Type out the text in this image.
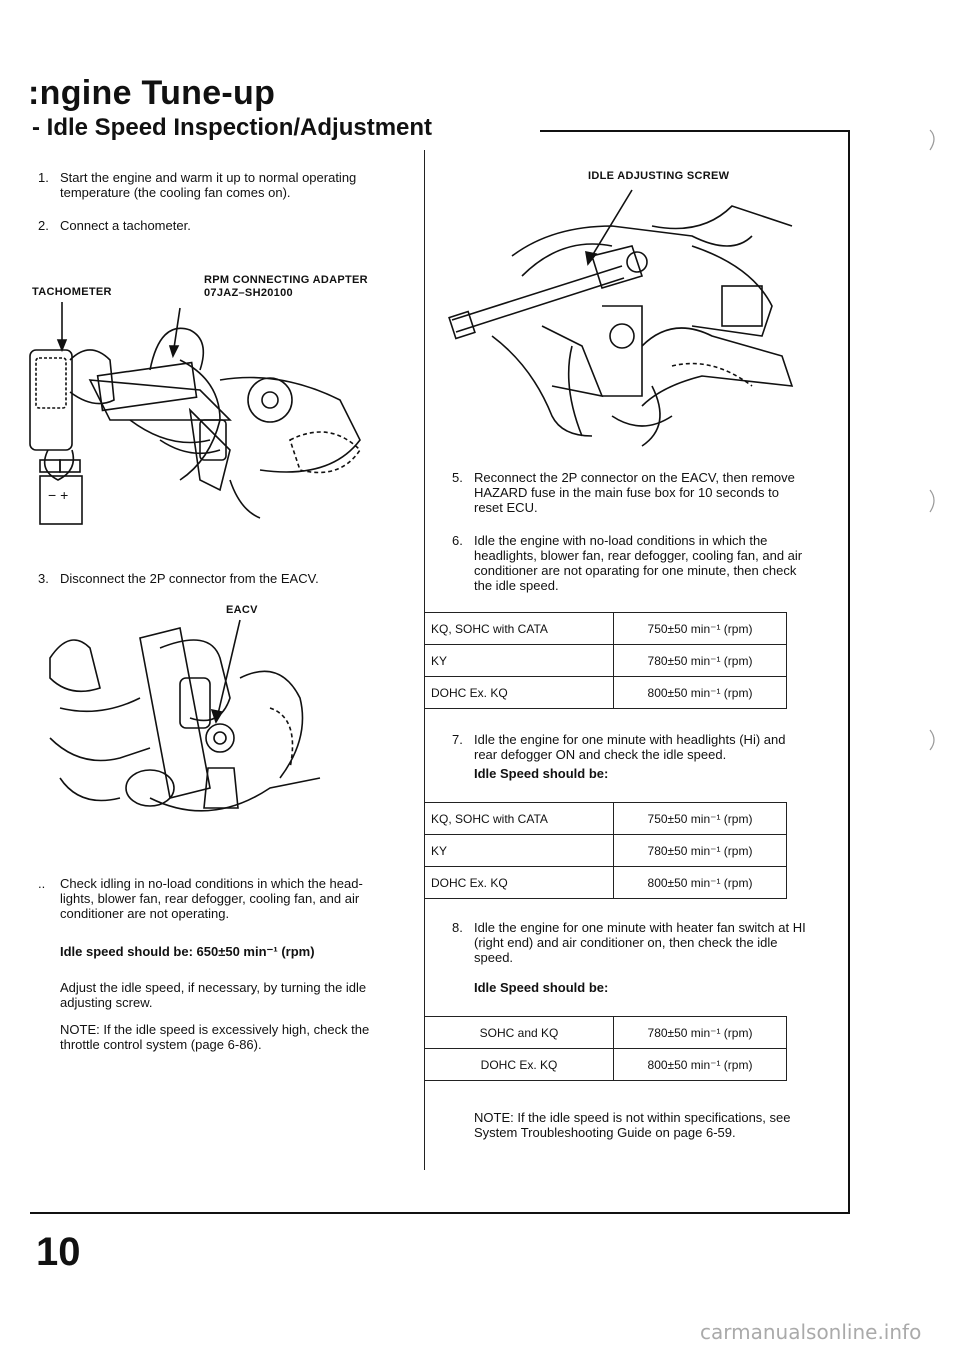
:ngine Tune-up
- Idle Speed Inspection/Adjustment
1. Start the engine and warm it up to normal operating temperature (the cooling fan comes on).
2. Connect a tachometer.
TACHOMETER
RPM CONNECTING ADAPTER
07JAZ–SH20100
− +
3. Disconnect the 2P connector from the EACV.
EACV
..	Check idling in no-load conditions in which the head-lights, blower fan, rear defogger, cooling fan, and air conditioner are not operating.
Idle speed should be: 650±50 min⁻¹ (rpm)
Adjust the idle speed, if necessary, by turning the idle adjusting screw.
NOTE: If the idle speed is excessively high, check the throttle control system (page 6-86).
IDLE ADJUSTING SCREW
5. Reconnect the 2P connector on the EACV, then remove HAZARD fuse in the main fuse box for 10 seconds to reset ECU.
6. Idle the engine with no-load conditions in which the headlights, blower fan, rear defogger, cooling fan, and air conditioner are not oparating for one minute, then check the idle speed.
KQ, SOHC with CATA	750±50 min⁻¹ (rpm)
KY	780±50 min⁻¹ (rpm)
DOHC Ex. KQ	800±50 min⁻¹ (rpm)
7. Idle the engine for one minute with headlights (Hi) and rear defogger ON and check the idle speed.
Idle Speed should be:
KQ, SOHC with CATA	750±50 min⁻¹ (rpm)
KY	780±50 min⁻¹ (rpm)
DOHC Ex. KQ	800±50 min⁻¹ (rpm)
8. Idle the engine for one minute with heater fan switch at HI (right end) and air conditioner on, then check the idle speed.
Idle Speed should be:
SOHC and KQ	780±50 min⁻¹ (rpm)
DOHC Ex. KQ	800±50 min⁻¹ (rpm)
NOTE: If the idle speed is not within specifications, see System Troubleshooting Guide on page 6-59.
10
carmanualsonline.info
